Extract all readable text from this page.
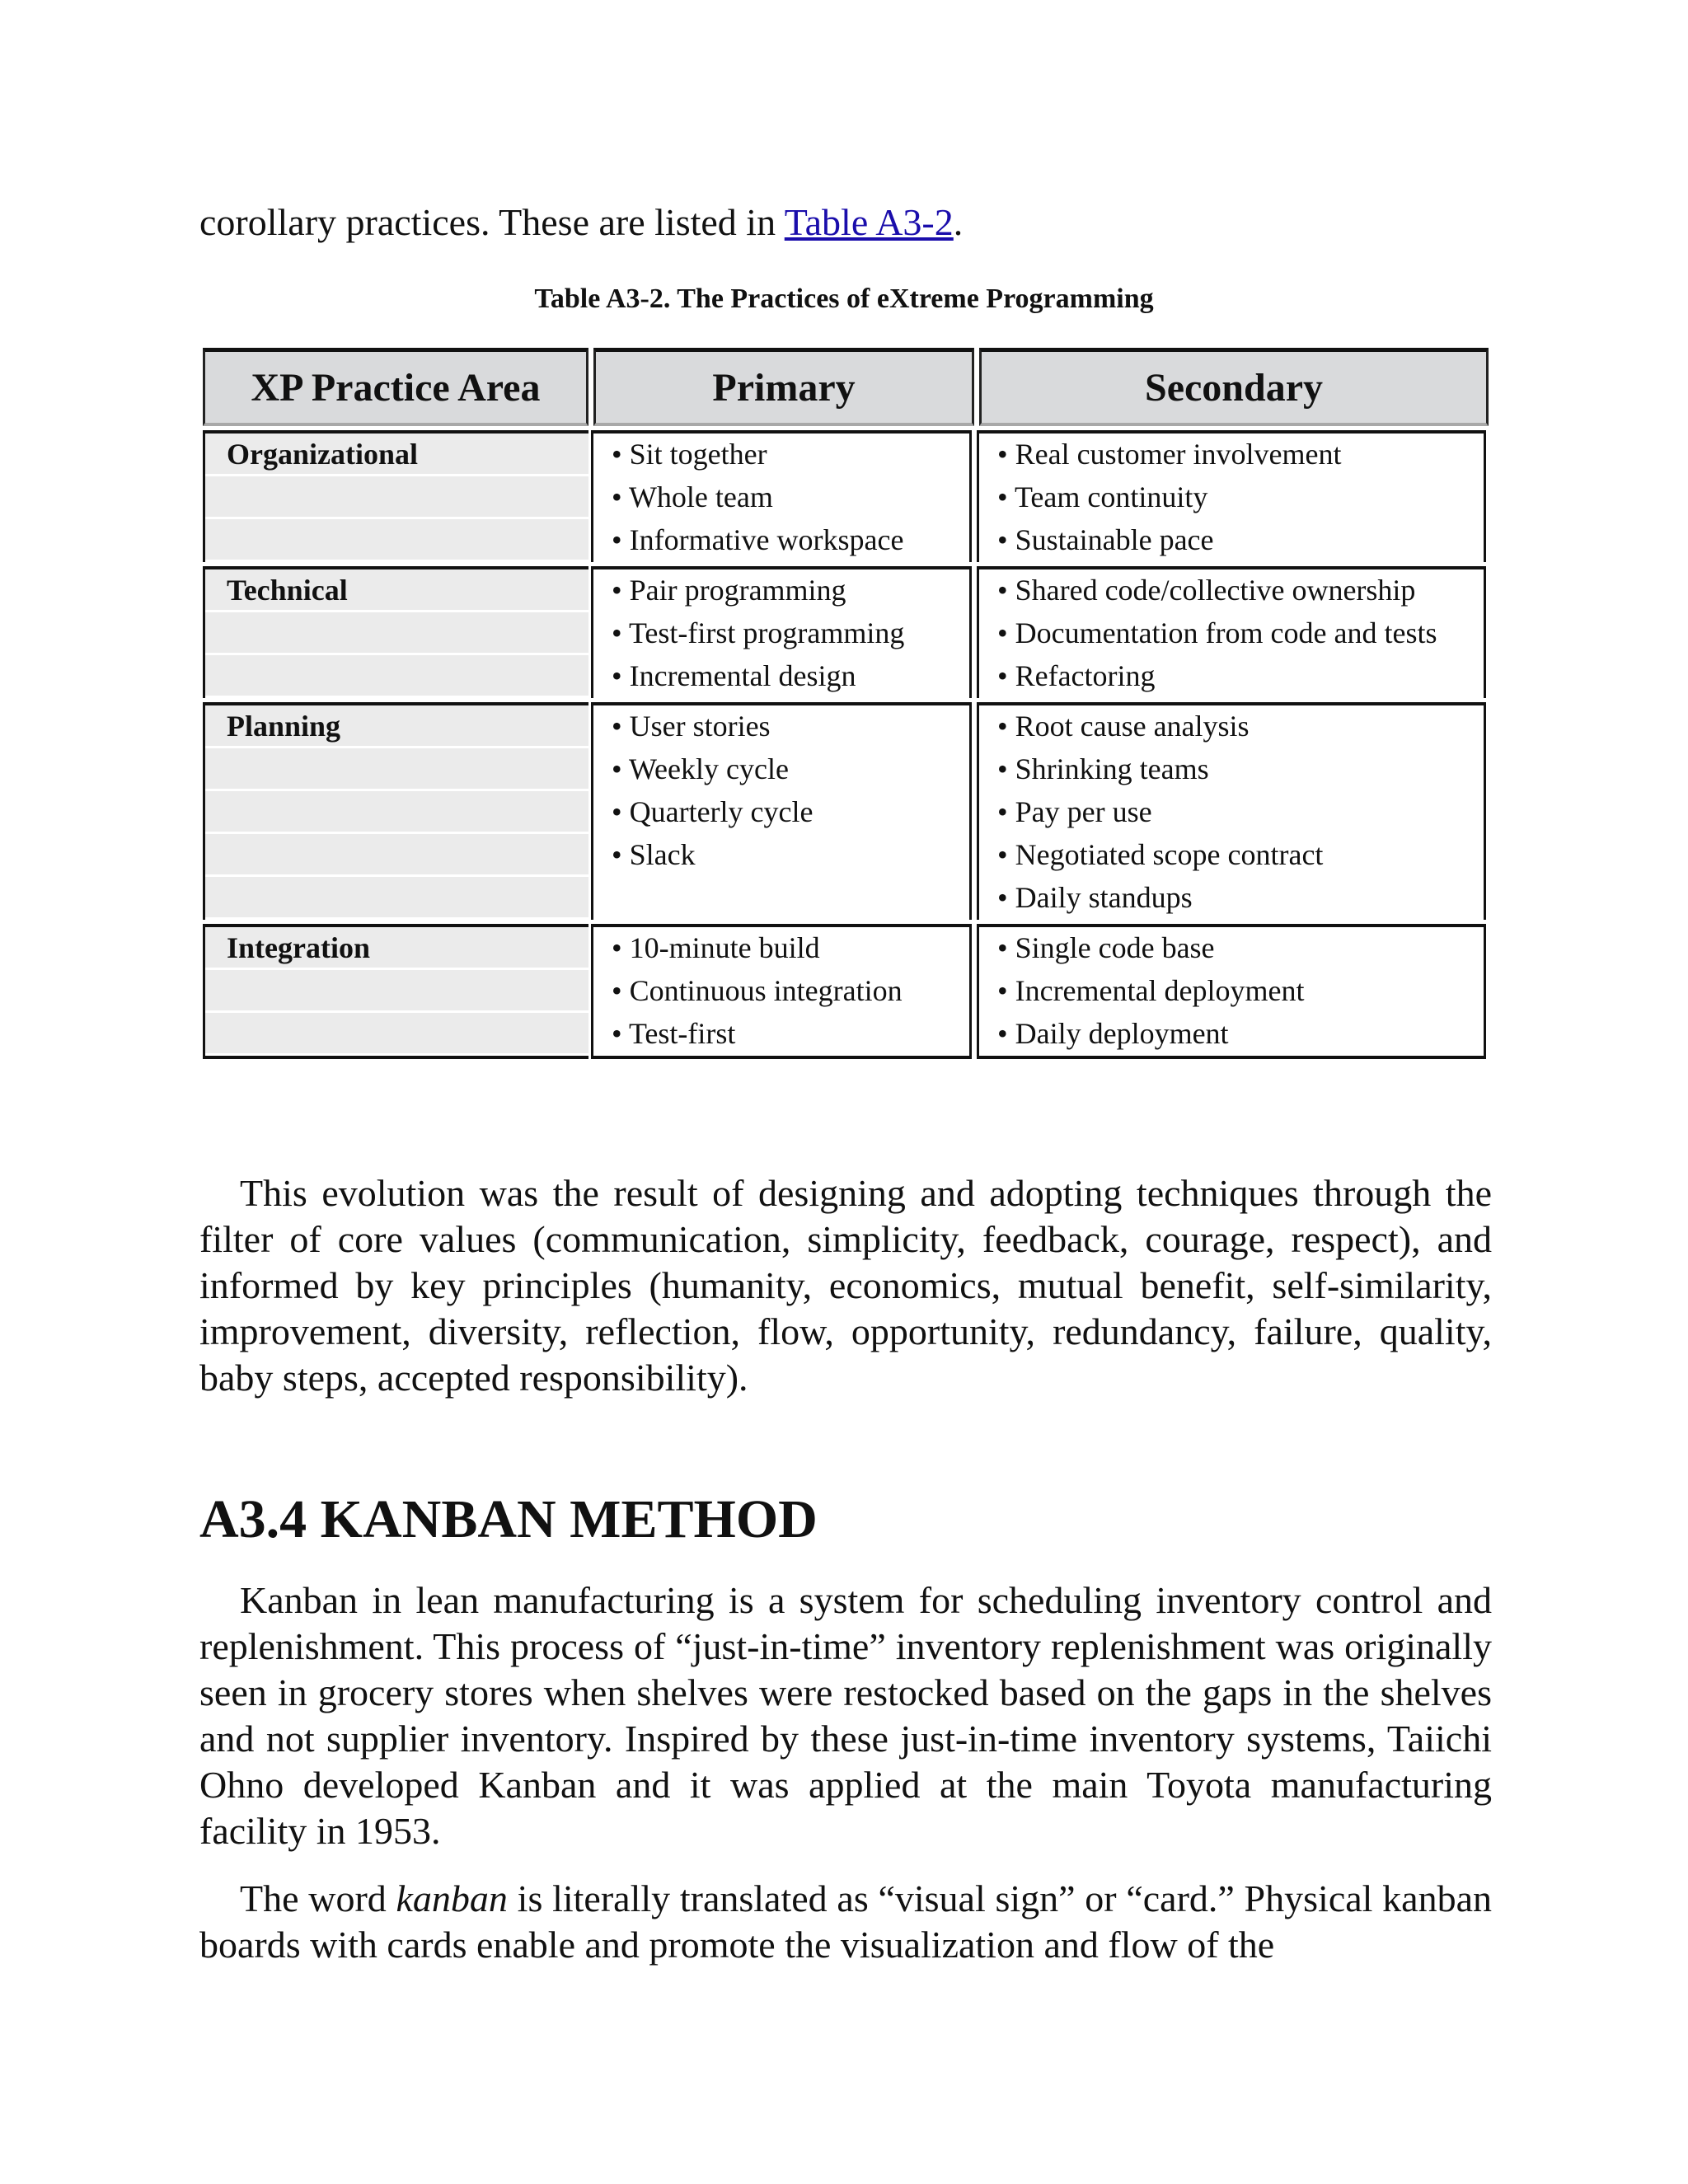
corollary practices. These are listed in Table A3-2.

Table A3-2. The Practices of eXtreme Programming
XP Practice Area	Primary	Secondary
Organizational	• Sit together
• Whole team
• Informative workspace
• Real customer involvement
• Team continuity
• Sustainable pace
Technical	• Pair programming
• Test-first programming
• Incremental design
• Shared code/collective ownership
• Documentation from code and tests
• Refactoring
Planning	• User stories
• Weekly cycle
• Quarterly cycle
• Slack
• Root cause analysis
• Shrinking teams
• Pay per use
• Negotiated scope contract
• Daily standups
Integration	• 10-minute build
• Continuous integration
• Test-first
• Single code base
• Incremental deployment
• Daily deployment

This evolution was the result of designing and adopting techniques through the filter of core values (communication, simplicity, feedback, courage, respect), and informed by key principles (humanity, economics, mutual benefit, self-similarity, improvement, diversity, reflection, flow, opportunity, redundancy, failure, quality, baby steps, accepted responsibility).

A3.4 KANBAN METHOD

Kanban in lean manufacturing is a system for scheduling inventory control and replenishment. This process of “just-in-time” inventory replenishment was originally seen in grocery stores when shelves were restocked based on the gaps in the shelves and not supplier inventory. Inspired by these just-in-time inventory systems, Taiichi Ohno developed Kanban and it was applied at the main Toyota manufacturing facility in 1953.

The word kanban is literally translated as “visual sign” or “card.” Physical kanban boards with cards enable and promote the visualization and flow of the
